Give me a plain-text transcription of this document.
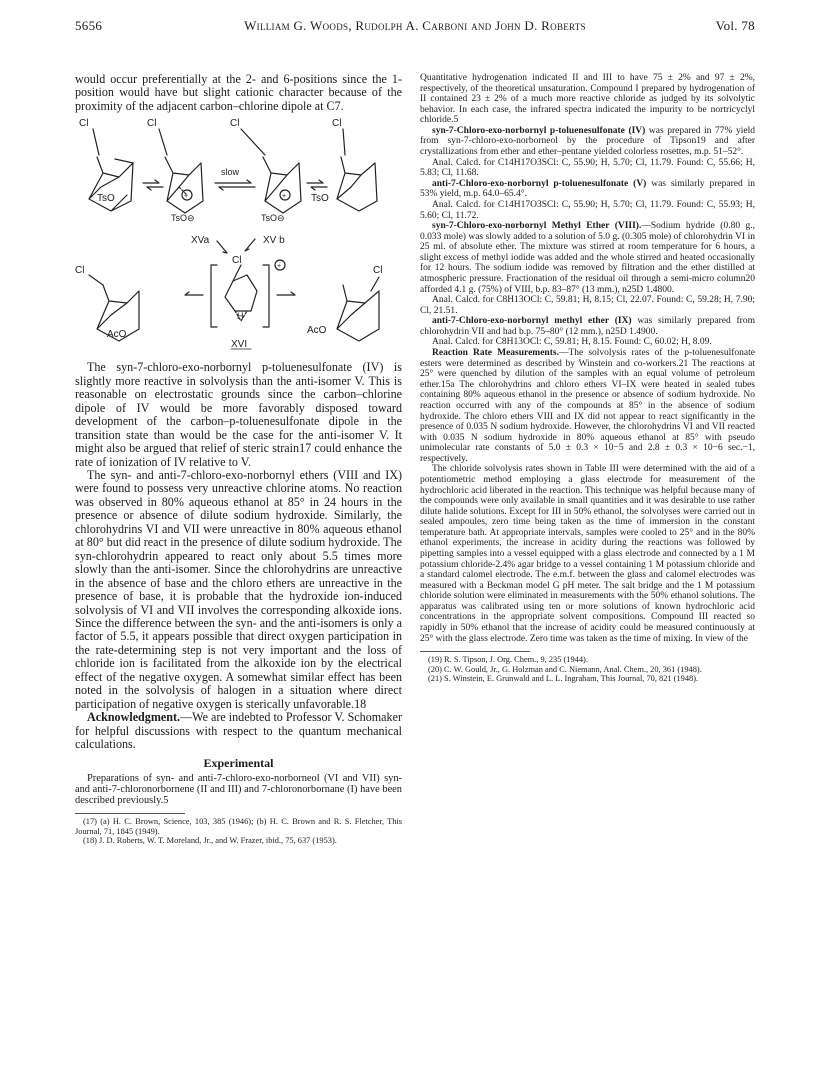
5656	William G. Woods, Rudolph A. Carboni and John D. Roberts	Vol. 78

would occur preferentially at the 2- and 6-positions since the 1-position would have but slight cationic character because of the proximity of the adjacent carbon–chlorine dipole at C7.

Cl
TsO
Cl
+
TsO⊖
slow
Cl
+
TsO⊖
Cl
TsO
XVa	XV b
Cl
+
H
XVI
Cl
AcO
Cl
AcO

The syn-7-chloro-exo-norbornyl p-toluenesulfonate (IV) is slightly more reactive in solvolysis than the anti-isomer V. This is reasonable on electrostatic grounds since the carbon–chlorine dipole of IV would be more favorably disposed toward development of the carbon–p-toluenesulfonate dipole in the transition state than would be the case for the anti-isomer V. It might also be argued that relief of steric strain17 could enhance the rate of ionization of IV relative to V.

The syn- and anti-7-chloro-exo-norbornyl ethers (VIII and IX) were found to possess very unreactive chlorine atoms. No reaction was observed in 80% aqueous ethanol at 85° in 24 hours in the presence or absence of dilute sodium hydroxide. Similarly, the chlorohydrins VI and VII were unreactive in 80% aqueous ethanol at 80° but did react in the presence of dilute sodium hydroxide. The syn-chlorohydrin appeared to react only about 5.5 times more slowly than the anti-isomer. Since the chlorohydrins are unreactive in the absence of base and the chloro ethers are unreactive in the presence of base, it is probable that the hydroxide ion-induced solvolysis of VI and VII involves the corresponding alkoxide ions. Since the difference between the syn- and the anti-isomers is only a factor of 5.5, it appears possible that direct oxygen participation in the rate-determining step is not very important and the loss of chloride ion is facilitated from the alkoxide ion by the electrical effect of the negative oxygen. A somewhat similar effect has been noted in the solvolysis of halogen in a situation where direct participation of negative oxygen is sterically unfavorable.18

Acknowledgment.—We are indebted to Professor V. Schomaker for helpful discussions with respect to the quantum mechanical calculations.

Experimental

Preparations of syn- and anti-7-chloro-exo-norborneol (VI and VII) syn- and anti-7-chloronorbornene (II and III) and 7-chloronorbornane (I) have been described previously.5

(17) (a) H. C. Brown, Science, 103, 385 (1946); (b) H. C. Brown and R. S. Fletcher, This Journal, 71, 1845 (1949).

(18) J. D. Roberts, W. T. Moreland, Jr., and W. Frazer, ibid., 75, 637 (1953).

Quantitative hydrogenation indicated II and III to have 75 ± 2% and 97 ± 2%, respectively, of the theoretical unsaturation. Compound I prepared by hydrogenation of II contained 23 ± 2% of a much more reactive chloride as judged by its solvolytic behavior. In each case, the infrared spectra indicated the impurity to be nortricyclyl chloride.5

syn-7-Chloro-exo-norbornyl p-toluenesulfonate (IV) was prepared in 77% yield from syn-7-chloro-exo-norborneol by the procedure of Tipson19 and after crystallizations from ether and ether–pentane yielded colorless rosettes, m.p. 51–52°.

Anal. Calcd. for C14H17O3SCl: C, 55.90; H, 5.70; Cl, 11.79. Found: C, 55.66; H, 5.83; Cl, 11.68.

anti-7-Chloro-exo-norbornyl p-toluenesulfonate (V) was similarly prepared in 53% yield, m.p. 64.0–65.4°.

Anal. Calcd. for C14H17O3SCl: C, 55.90; H, 5.70; Cl, 11.79. Found: C, 55.93; H, 5.60; Cl, 11.72.

syn-7-Chloro-exo-norbornyl Methyl Ether (VIII).—Sodium hydride (0.80 g., 0.033 mole) was slowly added to a solution of 5.0 g. (0.305 mole) of chlorohydrin VI in 25 ml. of absolute ether. The mixture was stirred at room temperature for 6 hours, a slight excess of methyl iodide was added and the whole stirred and heated occasionally for 12 hours. The sodium iodide was removed by filtration and the ether distilled at atmospheric pressure. Fractionation of the residual oil through a semi-micro column20 afforded 4.1 g. (75%) of VIII, b.p. 83–87° (13 mm.), n25D 1.4800.

Anal. Calcd. for C8H13OCl: C, 59.81; H, 8.15; Cl, 22.07. Found: C, 59.28; H, 7.90; Cl, 21.51.

anti-7-Chloro-exo-norbornyl methyl ether (IX) was similarly prepared from chlorohydrin VII and had b.p. 75–80° (12 mm.), n25D 1.4900.

Anal. Calcd. for C8H13OCl: C, 59.81; H, 8.15. Found: C, 60.02; H, 8.09.

Reaction Rate Measurements.—The solvolysis rates of the p-toluenesulfonate esters were determined as described by Winstein and co-workers.21 The reactions at 25° were quenched by dilution of the samples with an equal volume of petroleum ether.15a The chlorohydrins and chloro ethers VI–IX were heated in sealed tubes containing 80% aqueous ethanol in the presence or absence of sodium hydroxide. No reaction occurred with any of the compounds at 85° in the absence of sodium hydroxide. The chloro ethers VIII and IX did not appear to react significantly in the presence of 0.035 N sodium hydroxide. However, the chlorohydrins VI and VII reacted with 0.035 N sodium hydroxide in 80% aqueous ethanol at 85° with pseudo unimolecular rate constants of 5.0 ± 0.3 × 10−5 and 2.8 ± 0.3 × 10−6 sec.−1, respectively.

The chloride solvolysis rates shown in Table III were determined with the aid of a potentiometric method employing a glass electrode for measurement of the hydrochloric acid liberated in the reaction. This technique was helpful because many of the compounds were only available in small quantities and it was desirable to use rather dilute halide solutions. Except for III in 50% ethanol, the solvolyses were carried out in sealed ampoules, zero time being taken as the time of immersion in the constant temperature bath. At appropriate intervals, samples were cooled to 25° and in the 80% ethanol experiments, the increase in acidity during the reactions was followed by pipetting samples into a vessel equipped with a glass electrode and connected by a 1 M potassium chloride-2.4% agar bridge to a vessel containing 1 M potassium chloride and a standard calomel electrode. The e.m.f. between the glass and calomel electrodes was measured with a Beckman model G pH meter. The salt bridge and the 1 M potassium chloride solution were eliminated in measurements with the 50% ethanol solutions. The apparatus was calibrated using ten or more solutions of known hydrochloric acid concentrations in the appropriate solvent compositions. Compound III reacted so rapidly in 50% ethanol that the increase of acidity could be measured continuously at 25° with the glass electrode. Zero time was taken as the time of mixing. In view of the

(19) R. S. Tipson, J. Org. Chem., 9, 235 (1944).

(20) C. W. Gould, Jr., G. Holzman and C. Niemann, Anal. Chem., 20, 361 (1948).

(21) S. Winstein, E. Grunwald and L. L. Ingraham, This Journal, 70, 821 (1948).
